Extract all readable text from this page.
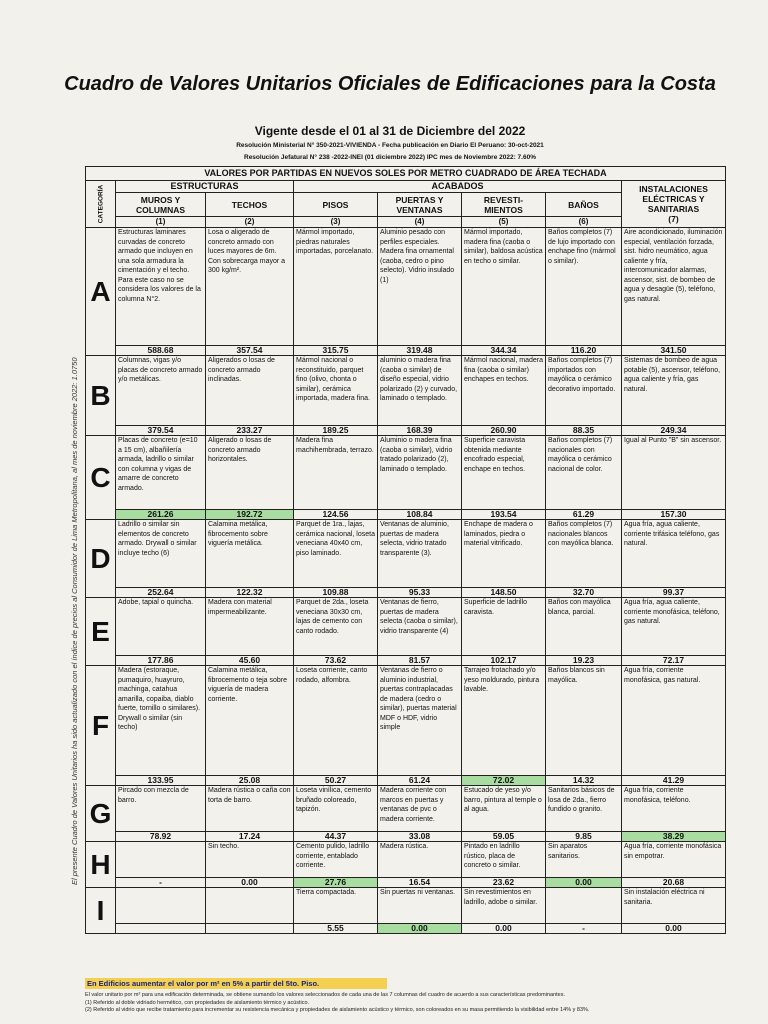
Cuadro de Valores Unitarios Oficiales de Edificaciones para la Costa
Vigente desde el 01 al 31 de Diciembre del 2022
Resolución Ministerial N° 350-2021-VIVIENDA - Fecha publicación en Diario El Peruano: 30-oct-2021
Resolución Jefatural N° 238 -2022-INEI (01 diciembre 2022) IPC mes de Noviembre 2022: 7.60%
El presente Cuadro de Valores Unitarios ha sido actualizado con el índice de precios al Consumidor de Lima Metropolitana, al mes de noviembre 2022: 1.0750
VALORES POR PARTIDAS EN NUEVOS SOLES POR METRO CUADRADO DE ÁREA TECHADA							

CATEGORÍA	ESTRUCTURAS		ACABADOS				INSTALACIONES ELÉCTRICAS Y SANITARIAS
(7)

	MUROS Y COLUMNAS	TECHOS	PISOS	PUERTAS Y VENTANAS	REVESTI- MIENTOS	BAÑOS	
	(1)	(2)	(3)	(4)	(5)	(6)	
A	Estructuras laminares curvadas de concreto armado que incluyen en una sola armadura la cimentación y el techo. Para este caso no se considera los valores de la columna N°2.	Losa o aligerado de concreto armado con luces mayores de 6m. Con sobrecarga mayor a 300 kg/m².	Mármol importado, piedras naturales importadas, porcelanato.	Aluminio pesado con perfiles especiales. Madera fina ornamental (caoba, cedro o pino selecto). Vidrio insulado (1)	Mármol importado, madera fina (caoba o similar), baldosa acústica en techo o similar.	Baños completos (7) de lujo importado con enchape fino (mármol o similar).	Aire acondicionado, iluminación especial, ventilación forzada, sist. hidro neumático, agua caliente y fría, intercomunicador alarmas, ascensor, sist. de bombeo de agua y desagüe (5), teléfono, gas natural.
	588.68	357.54	315.75	319.48	344.34	116.20	341.50
B	Columnas, vigas y/o placas de concreto armado y/o metálicas.	Aligerados o losas de concreto armado inclinadas.	Mármol nacional o reconstituido, parquet fino (olivo, chonta o similar), cerámica importada, madera fina.	aluminio o madera fina (caoba o similar) de diseño especial, vidrio polarizado (2) y curvado, laminado o templado.	Mármol nacional, madera fina (caoba o similar) enchapes en techos.	Baños completos (7) importados con mayólica o cerámico decorativo importado.	Sistemas de bombeo de agua potable (5), ascensor, teléfono, agua caliente y fría, gas natural.
	379.54	233.27	189.25	168.39	260.90	88.35	249.34
C	Placas de concreto (e=10 a 15 cm), albañilería armada, ladrillo o similar con columna y vigas de amarre de concreto armado.	Aligerado o losas de concreto armado horizontales.	Madera fina machihembrada, terrazo.	Aluminio o madera fina (caoba o similar), vidrio tratado polarizado (2), laminado o templado.	Superficie caravista obtenida mediante encofrado especial, enchape en techos.	Baños completos (7) nacionales con mayólica o cerámico nacional de color.	Igual al Punto "B" sin ascensor.
	261.26	192.72	124.56	108.84	193.54	61.29	157.30
D	Ladrillo o similar sin elementos de concreto armado. Drywall o similar incluye techo (6)	Calamina metálica, fibrocemento sobre viguería metálica.	Parquet de 1ra., lajas, cerámica nacional, loseta veneciana 40x40 cm, piso laminado.	Ventanas de aluminio, puertas de madera selecta, vidrio tratado transparente (3).	Enchape de madera o laminados, piedra o material vitrificado.	Baños completos (7) nacionales blancos con mayólica blanca.	Agua fría, agua caliente, corriente trifásica teléfono, gas natural.
	252.64	122.32	109.88	95.33	148.50	32.70	99.37
E	Adobe, tapial o quincha.	Madera con material impermeabilizante.	Parquet de 2da., loseta veneciana 30x30 cm, lajas de cemento con canto rodado.	Ventanas de fierro, puertas de madera selecta (caoba o similar), vidrio transparente (4)	Superficie de ladrillo caravista.	Baños con mayólica blanca, parcial.	Agua fría, agua caliente, corriente monofásica, teléfono, gas natural.
	177.86	45.60	73.62	81.57	102.17	19.23	72.17
F	Madera (estoraque, pumaquiro, huayruro, machinga, catahua amarilla, copaiba, diablo fuerte, tornillo o similares). Drywall o similar (sin techo)	Calamina metálica, fibrocemento o teja sobre viguería de madera corriente.	Loseta corriente, canto rodado, alfombra.	Ventanas de fierro o aluminio industrial, puertas contraplacadas de madera (cedro o similar), puertas material MDF o HDF, vidrio simple	Tarrajeo frotachado y/o yeso moldurado, pintura lavable.	Baños blancos sin mayólica.	Agua fría, corriente monofásica, gas natural.
	133.95	25.08	50.27	61.24	72.02	14.32	41.29
G	Pircado con mezcla de barro.	Madera rústica o caña con torta de barro.	Loseta vinílica, cemento bruñado coloreado, tapizón.	Madera corriente con marcos en puertas y ventanas de pvc o madera corriente.	Estucado de yeso y/o barro, pintura al temple o al agua.	Sanitarios básicos de losa de 2da., fierro fundido o granito.	Agua fría, corriente monofásica, teléfono.
	78.92	17.24	44.37	33.08	59.05	9.85	38.29
H		Sin techo.	Cemento pulido, ladrillo corriente, entablado corriente.	Madera rústica.	Pintado en ladrillo rústico, placa de concreto o similar.	Sin aparatos sanitarios.	Agua fría, corriente monofásica sin empotrar.
	-	0.00	27.76	16.54	23.62	0.00	20.68
I			Tierra compactada.	Sin puertas ni ventanas.	Sin revestimientos en ladrillo, adobe o similar.		Sin instalación eléctrica ni sanitaria.
			5.55	0.00	0.00	-	0.00
En Edificios aumentar el valor por m² en 5% a partir del 5to. Piso.
El valor unitario por m² para una edificación determinada, se obtiene sumando los valores seleccionados de cada una de las 7 columnas del cuadro de acuerdo a sus características predominantes.
(1) Referido al doble vidriado hermético, con propiedades de aislamiento térmico y acústico.
(2) Referido al vidrio que recibe tratamiento para incrementar su resistencia mecánica y propiedades de aislamiento acústico y térmico, son coloreados en su masa permitiendo la visibilidad entre 14% y 83%.
